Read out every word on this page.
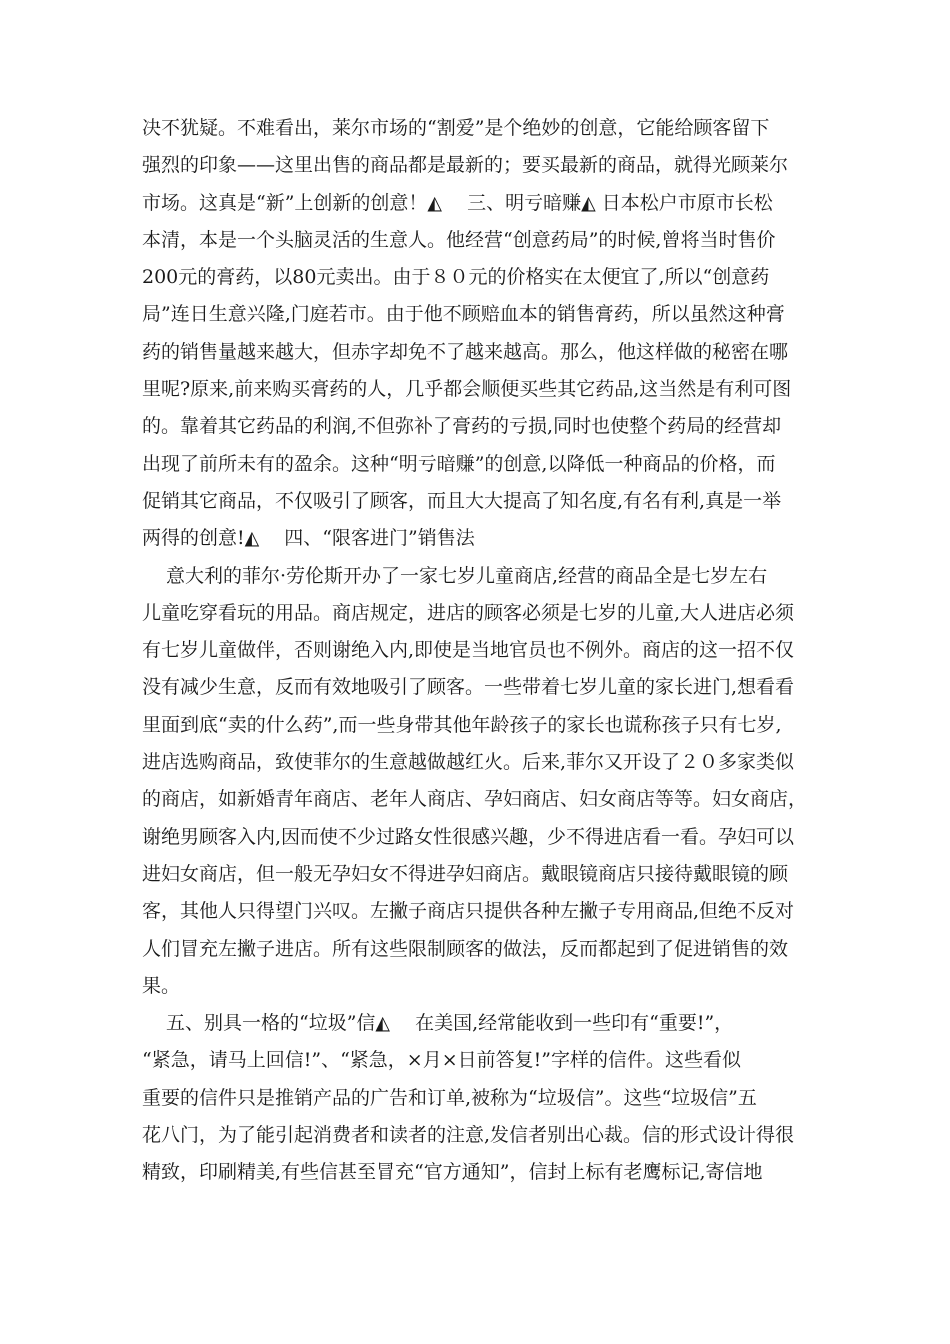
决不犹疑。不难看出，莱尔市场的“割爱”是个绝妙的创意，它能给顾客留下
强烈的印象——这里出售的商品都是最新的；要买最新的商品，就得光顾莱尔
市场。这真是“新”上创新的创意！◭　 三、明亏暗赚◭ 日本松户市原市长松
本清，本是一个头脑灵活的生意人。他经营“创意药局”的时候,曾将当时售价
200元的膏药，以80元卖出。由于８０元的价格实在太便宜了,所以“创意药
局”连日生意兴隆,门庭若市。由于他不顾赔血本的销售膏药，所以虽然这种膏
药的销售量越来越大，但赤字却免不了越来越高。那么，他这样做的秘密在哪
里呢?原来,前来购买膏药的人，几乎都会顺便买些其它药品,这当然是有利可图
的。靠着其它药品的利润,不但弥补了膏药的亏损,同时也使整个药局的经营却
出现了前所未有的盈余。这种“明亏暗赚”的创意,以降低一种商品的价格，而
促销其它商品，不仅吸引了顾客，而且大大提高了知名度,有名有利,真是一举
两得的创意!◭　 四、“限客进门”销售法
意大利的菲尔·劳伦斯开办了一家七岁儿童商店,经营的商品全是七岁左右
儿童吃穿看玩的用品。商店规定，进店的顾客必须是七岁的儿童,大人进店必须
有七岁儿童做伴，否则谢绝入内,即使是当地官员也不例外。商店的这一招不仅
没有减少生意，反而有效地吸引了顾客。一些带着七岁儿童的家长进门,想看看
里面到底“卖的什么药”,而一些身带其他年龄孩子的家长也谎称孩子只有七岁,
进店选购商品，致使菲尔的生意越做越红火。后来,菲尔又开设了２０多家类似
的商店，如新婚青年商店、老年人商店、孕妇商店、妇女商店等等。妇女商店，
谢绝男顾客入内,因而使不少过路女性很感兴趣，少不得进店看一看。孕妇可以
进妇女商店，但一般无孕妇女不得进孕妇商店。戴眼镜商店只接待戴眼镜的顾
客，其他人只得望门兴叹。左撇子商店只提供各种左撇子专用商品,但绝不反对
人们冒充左撇子进店。所有这些限制顾客的做法，反而都起到了促进销售的效
果。
五、别具一格的“垃圾”信◭　 在美国,经常能收到一些印有“重要!”，
“紧急，请马上回信!”、“紧急，×月×日前答复!”字样的信件。这些看似
重要的信件只是推销产品的广告和订单,被称为“垃圾信”。这些“垃圾信”五
花八门，为了能引起消费者和读者的注意,发信者别出心裁。信的形式设计得很
精致，印刷精美,有些信甚至冒充“官方通知”，信封上标有老鹰标记,寄信地
